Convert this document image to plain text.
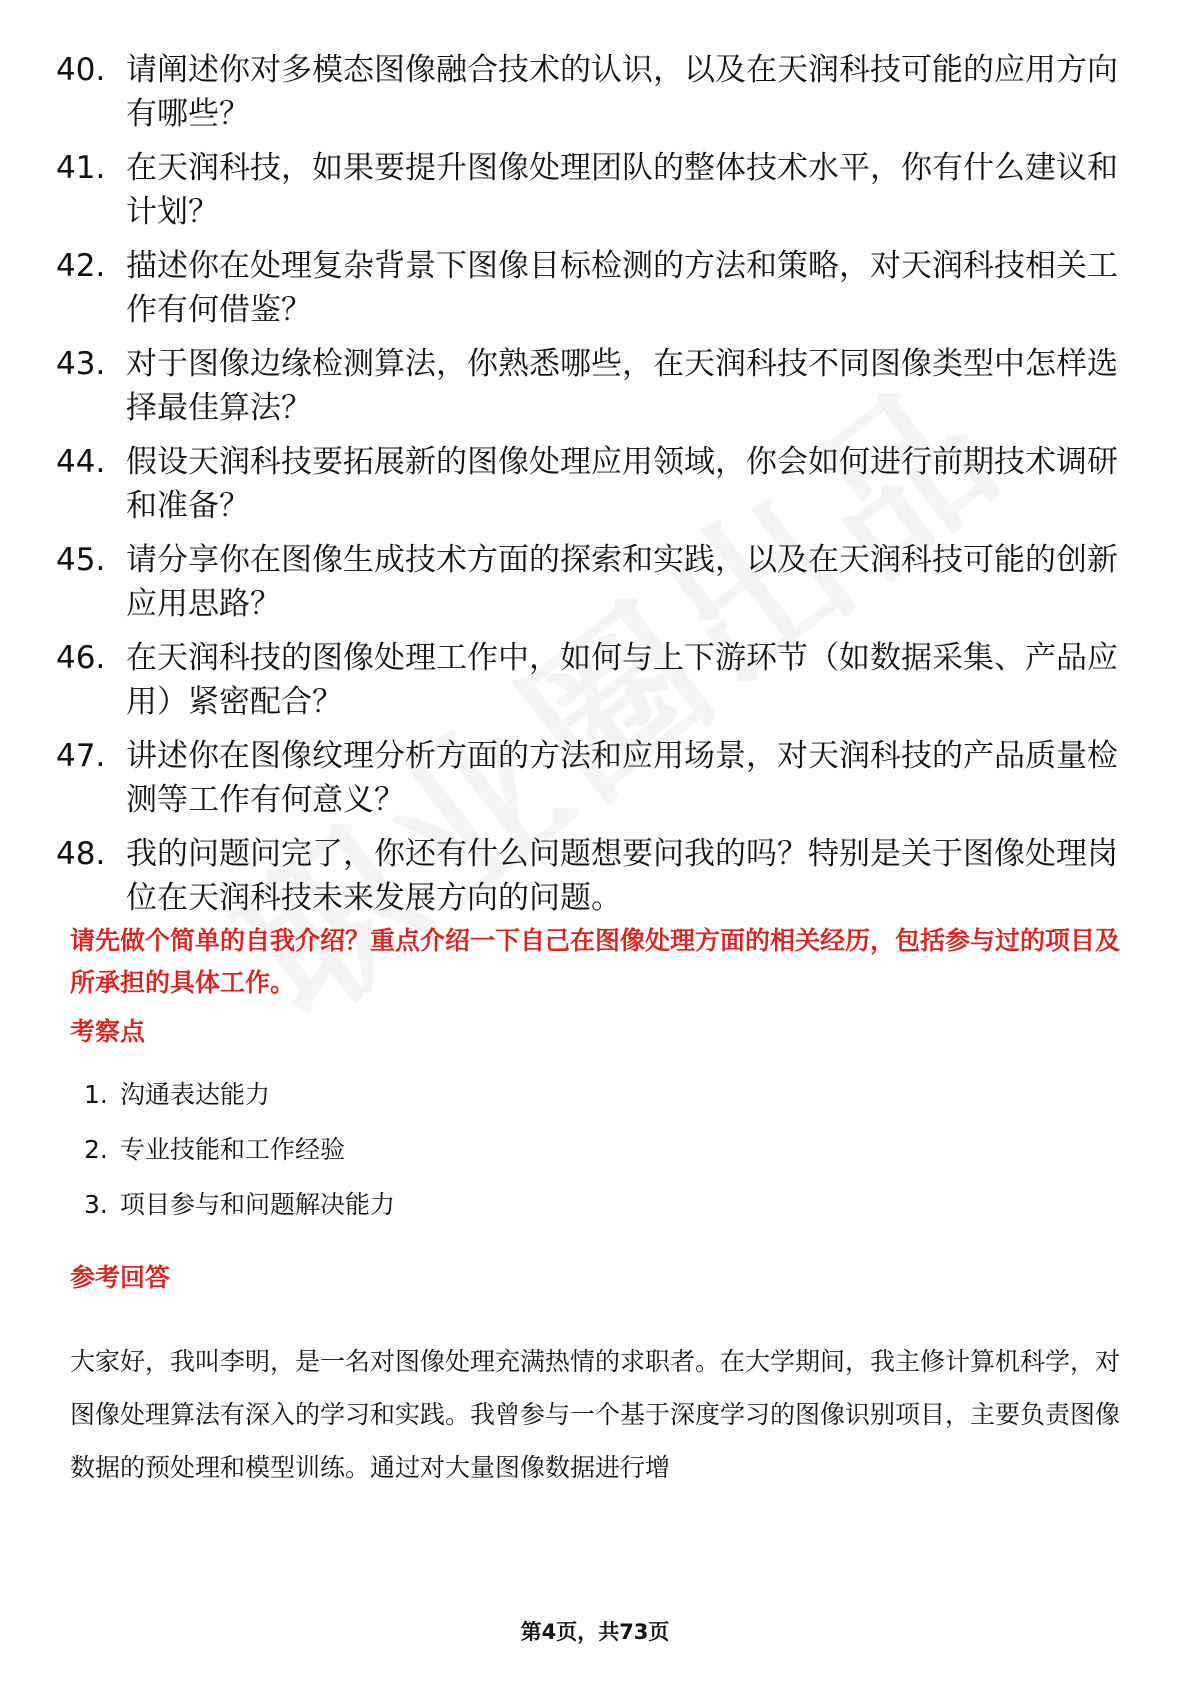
40. 请阐述你对多模态图像融合技术的认识，以及在天润科技可能的应用方向有哪些？
41. 在天润科技，如果要提升图像处理团队的整体技术水平，你有什么建议和计划？
42. 描述你在处理复杂背景下图像目标检测的方法和策略，对天润科技相关工作有何借鉴？
43. 对于图像边缘检测算法，你熟悉哪些，在天润科技不同图像类型中怎样选择最佳算法？
44. 假设天润科技要拓展新的图像处理应用领域，你会如何进行前期技术调研和准备？
45. 请分享你在图像生成技术方面的探索和实践，以及在天润科技可能的创新应用思路？
46. 在天润科技的图像处理工作中，如何与上下游环节（如数据采集、产品应用）紧密配合？
47. 讲述你在图像纹理分析方面的方法和应用场景，对天润科技的产品质量检测等工作有何意义？
48. 我的问题问完了，你还有什么问题想要问我的吗？特别是关于图像处理岗位在天润科技未来发展方向的问题。
请先做个简单的自我介绍？重点介绍一下自己在图像处理方面的相关经历，包括参与过的项目及所承担的具体工作。
考察点
1. 沟通表达能力
2. 专业技能和工作经验
3. 项目参与和问题解决能力
参考回答
大家好，我叫李明，是一名对图像处理充满热情的求职者。在大学期间，我主修计算机科学，对图像处理算法有深入的学习和实践。我曾参与一个基于深度学习的图像识别项目，主要负责图像数据的预处理和模型训练。通过对大量图像数据进行增
第4页，共73页
